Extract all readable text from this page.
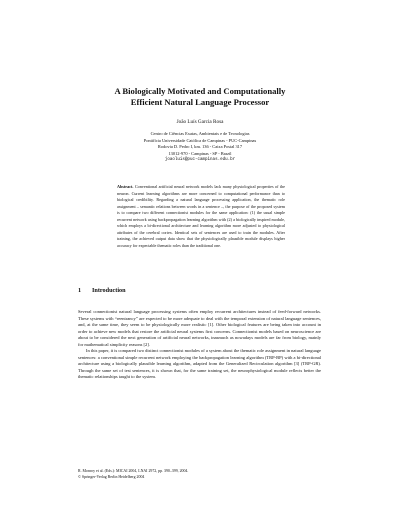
A Biologically Motivated and Computationally
Efficient Natural Language Processor
João Luís Garcia Rosa
Centro de Ciências Exatas, Ambientais e de Tecnologias
Pontifícia Universidade Católica de Campinas - PUC-Campinas
Rodovia D. Pedro I, km. 136 - Caixa Postal 317
13012-970 - Campinas - SP - Brazil
joaoluis@puc-campinas.edu.br
Abstract. Conventional artificial neural network models lack many physiological properties of the neuron. Current learning algorithms are more concerned to computational performance than to biological credibility. Regarding a natural language processing application, the thematic role assignment – semantic relations between words in a sentence –, the purpose of the proposed system is to compare two different connectionist modules for the same application: (1) the usual simple recurrent network using backpropagation learning algorithm with (2) a biologically inspired module, which employs a bi-directional architecture and learning algorithm more adjusted to physiological attributes of the cerebral cortex. Identical sets of sentences are used to train the modules. After training, the achieved output data show that the physiologically plausible module displays higher accuracy for expectable thematic roles than the traditional one.
1 Introduction

Several connectionist natural language processing systems often employ recurrent architectures instead of feed-forward networks. These systems with “reentrancy” are expected to be more adequate to deal with the temporal extension of natural language sentences, and, at the same time, they seem to be physiologically more realistic [1]. Other biological features are being taken into account in order to achieve new models that restore the artificial neural systems first concerns. Connectionist models based on neuroscience are about to be considered the next generation of artificial neural networks, inasmuch as nowadays models are far from biology, mainly for mathematical simplicity reasons [2].

In this paper, it is compared two distinct connectionist modules of a system about the thematic role assignment in natural language sentences: a conventional simple recurrent network employing the backpropagation learning algorithm (TRP-BP) with a bi-directional architecture using a biologically plausible learning algorithm, adapted from the Generalized Recirculation algorithm [3] (TRP-GR). Through the same set of test sentences, it is shown that, for the same training set, the neurophysiological module reflects better the thematic relationships taught to the system.

R. Monroy et al. (Eds.): MICAI 2004, LNAI 2972, pp. 390–399, 2004.
© Springer-Verlag Berlin Heidelberg 2004
